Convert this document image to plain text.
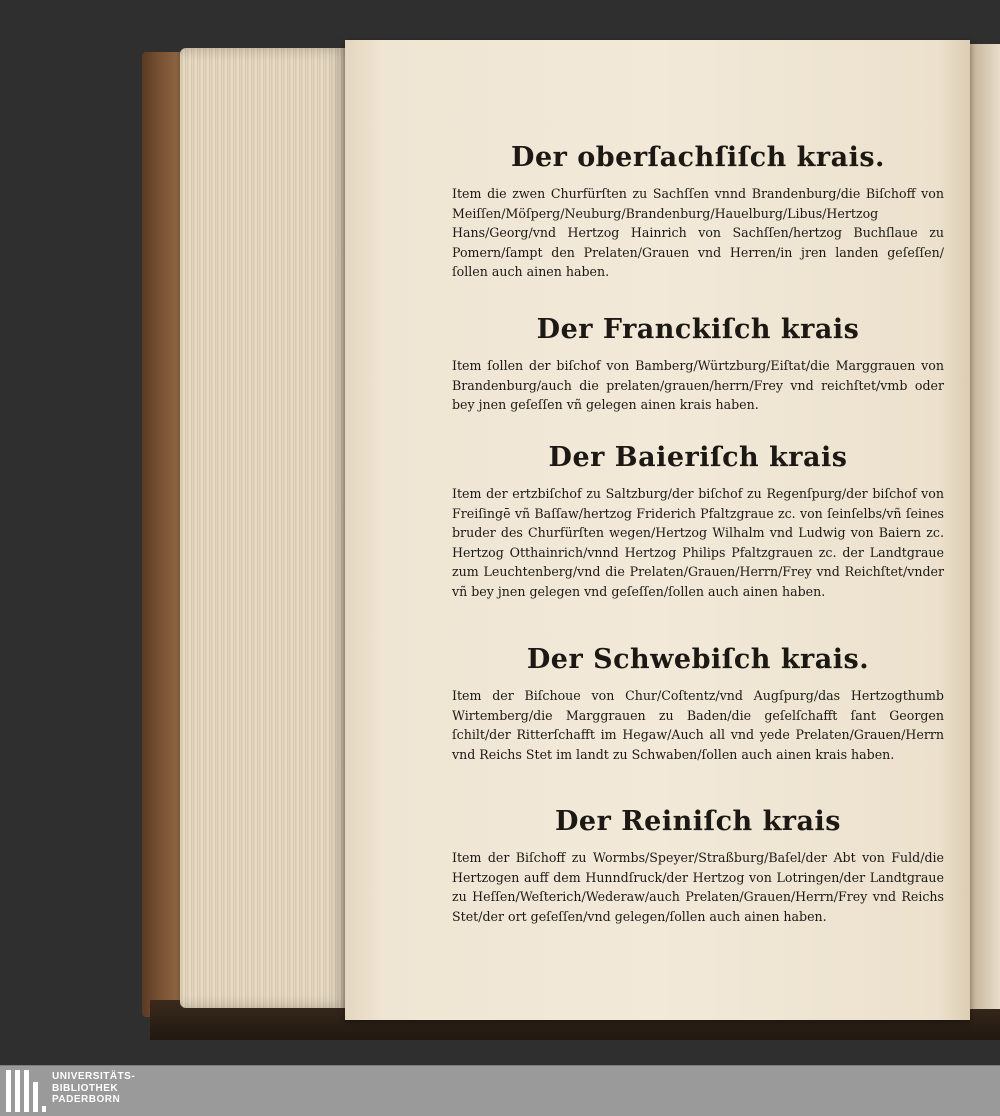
Der oberſachſiſch krais.

Item die zwen Churfürſten zu Sachſſen vnnd Brandenburg/die Biſchoff von Meiſſen/Möſperg/Neuburg/Brandenburg/Hauelburg/Libus/Hertzog Hans/Georg/vnd Hertzog Hainrich von Sachſſen/hertzog Buchſlaue zu Pomern/ſampt den Prelaten/Grauen vnd Herren/in jren landen geſeſſen/ſollen auch ainen haben.

Der Franckiſch krais

Item ſollen der biſchof von Bamberg/Würtzburg/Eiſtat/die Marggrauen von Brandenburg/auch die prelaten/grauen/herrn/Frey vnd reichſtet/vmb oder bey jnen geſeſſen vñ gelegen ainen krais haben.

Der Baieriſch krais

Item der ertzbiſchof zu Saltzburg/der biſchof zu Regenſpurg/der biſchof von Freiſingē vñ Baſſaw/hertzog Friderich Pfaltzgraue zc. von ſeinſelbs/vñ ſeines bruder des Churfürſten wegen/Hertzog Wilhalm vnd Ludwig von Baiern zc. Hertzog Otthainrich/vnnd Hertzog Philips Pfaltzgrauen zc. der Landtgraue zum Leuchtenberg/vnd die Prelaten/Grauen/Herrn/Frey vnd Reichſtet/vnder vñ bey jnen gelegen vnd geſeſſen/ſollen auch ainen haben.

Der Schwebiſch krais.

Item der Biſchoue von Chur/Coſtentz/vnd Augſpurg/das Hertzogthumb Wirtemberg/die Marggrauen zu Baden/die geſelſchafft ſant Georgen ſchilt/der Ritterſchafft im Hegaw/Auch all vnd yede Prelaten/Grauen/Herrn vnd Reichs Stet im landt zu Schwaben/ſollen auch ainen krais haben.

Der Reiniſch krais

Item der Biſchoff zu Wormbs/Speyer/Straßburg/Baſel/der Abt von Fuld/die Hertzogen auff dem Hunndſruck/der Hertzog von Lotringen/der Landtgraue zu Heſſen/Weſterich/Wederaw/auch Prelaten/Grauen/Herrn/Frey vnd Reichs Stet/der ort geſeſſen/vnd gelegen/ſollen auch ainen haben.

UNIVERSITÄTS-
BIBLIOTHEK
PADERBORN
